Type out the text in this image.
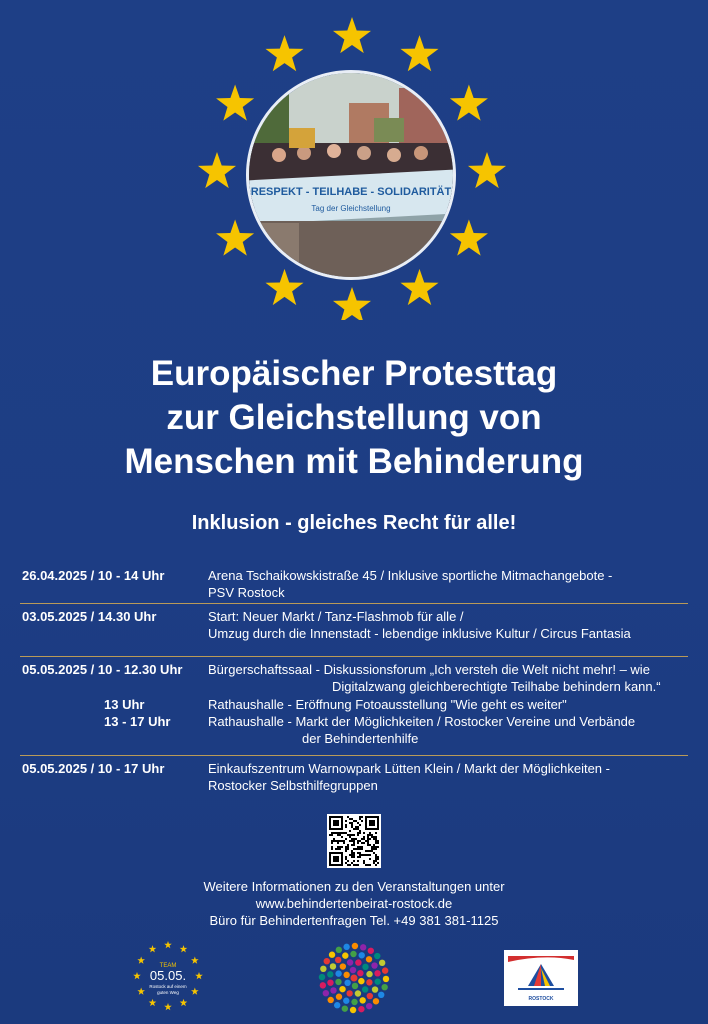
RESPEKT - TEILHABE - SOLIDARITÄT
Tag der Gleichstellung
Europäischer Protesttag
zur Gleichstellung von
Menschen mit Behinderung
Inklusion - gleiches Recht für alle!
26.04.2025 / 10 - 14 Uhr	Arena Tschaikowskistraße 45 / Inklusive sportliche Mitmachangebote -
PSV Rostock
03.05.2025 / 14.30 Uhr	Start: Neuer Markt / Tanz-Flashmob für alle /
Umzug durch die Innenstadt - lebendige inklusive Kultur / Circus Fantasia
05.05.2025 / 10 - 12.30 Uhr Bürgerschaftssaal - Diskussionsforum „Ich versteh die Welt nicht mehr! – wie
Digitalzwang gleichberechtigte Teilhabe behindern kann.“
13 Uhr	Rathaushalle - Eröffnung Fotoausstellung "Wie geht es weiter"
13 - 17 Uhr	Rathaushalle - Markt der Möglichkeiten / Rostocker Vereine und Verbände
der Behindertenhilfe
05.05.2025 / 10 - 17 Uhr	Einkaufszentrum Warnowpark Lütten Klein / Markt der Möglichkeiten -
Rostocker Selbsthilfegruppen
Weitere Informationen zu den Veranstaltungen unter
www.behindertenbeirat-rostock.de
Büro für Behindertenfragen Tel. +49 381 381-1125
TEAM
05.05.
Rostock auf einem
guten Weg
ROSTOCK
